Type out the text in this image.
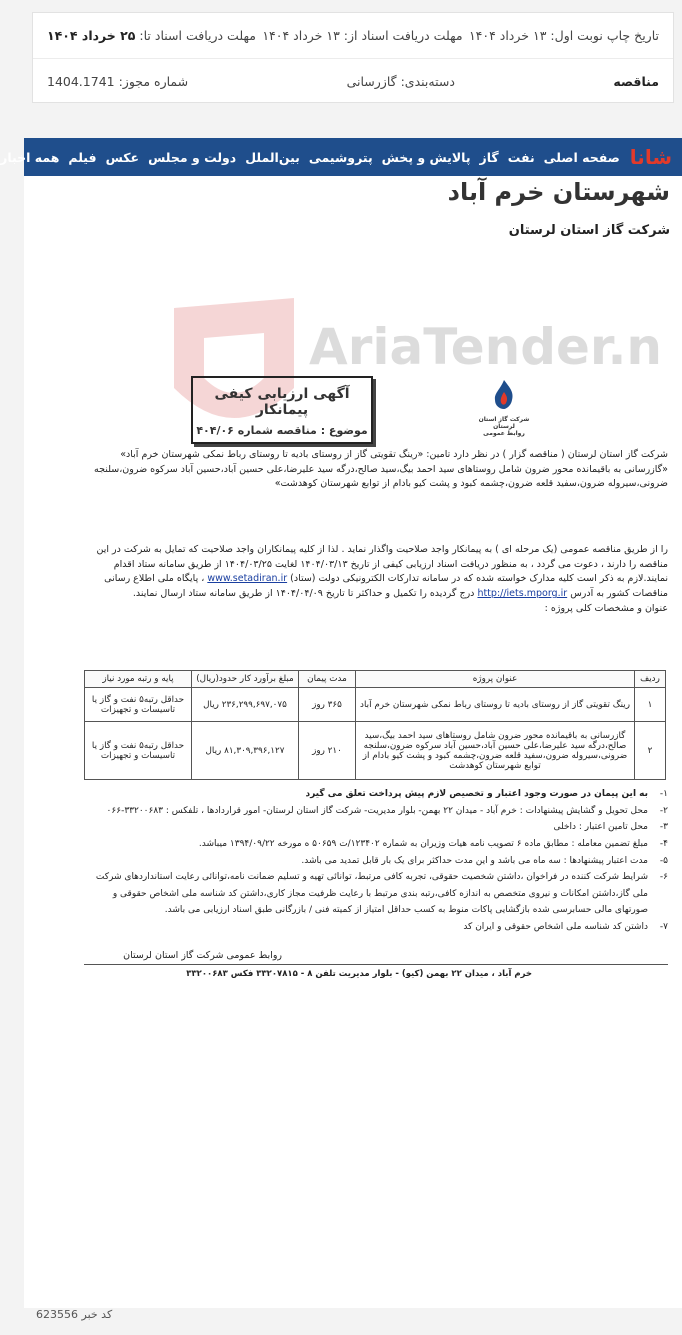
تاریخ چاپ نوبت اول: ۱۳ خرداد ۱۴۰۴
مهلت دریافت اسناد از: ۱۳ خرداد ۱۴۰۴
مهلت دریافت اسناد تا: ۲۵ خرداد ۱۴۰۴
مناقصه
دسته‌بندی: گازرسانی
شماره مجوز: 1404.1741
شانا
صفحه اصلی
نفت
گاز
پالایش و پخش
پتروشیمی
بین‌الملل
دولت و مجلس
عکس
فیلم
همه اخبار
شهرستان خرم آباد
شرکت گاز استان لرستان
AriaTender.n
آگهی ارزیابی کیفی پیمانکار
موضوع : مناقصه شماره ۴۰۴/۰۶
شرکت گاز استان لرستان
روابط عمومی
شرکت گاز استان لرستان ( مناقصه گزار ) در نظر دارد تامین: «رینگ تقویتی گاز از روستای بادیه تا روستای رباط نمکی شهرستان خرم آباد» «گازرسانی به باقیمانده محور ضرون شامل روستاهای سید احمد بیگ،سید صالح،درگه سید علیرضا،علی حسین آباد،حسین آباد سرکوه ضرون،سلنجه ضرونی،سیروله ضرون،سفید قلعه ضرون،چشمه کبود و پشت کیو بادام از توابع شهرستان کوهدشت»
را از طریق مناقصه عمومی (یک مرحله ای ) به پیمانکار واجد صلاحیت واگذار نماید . لذا از کلیه پیمانکاران واجد صلاحیت که تمایل به شرکت در این مناقصه را دارند ، دعوت می گردد ، به منظور دریافت اسناد ارزیابی کیفی از تاریخ ۱۴۰۴/۰۳/۱۳ لغایت ۱۴۰۴/۰۳/۲۵ از طریق سامانه ستاد اقدام نمایند.لازم به ذکر است کلیه مدارک خواسته شده که در سامانه تدارکات الکترونیکی دولت (ستاد) www.setadiran.ir ، پایگاه ملی اطلاع رسانی مناقصات کشور به آدرس http://iets.mporg.ir درج گردیده را تکمیل و حداکثر تا تاریخ ۱۴۰۴/۰۴/۰۹ از طریق سامانه ستاد ارسال نمایند.
عنوان و مشخصات کلی پروژه :
ردیف	عنوان پروژه	مدت پیمان	مبلغ برآورد کار حدود(ریال)	پایه و رتبه مورد نیاز
۱	رینگ تقویتی گاز از روستای بادیه تا روستای رباط نمکی شهرستان خرم آباد	۳۶۵ روز	۲۳۶,۲۹۹,۶۹۷,۰۷۵ ریال	حداقل رتبه۵ نفت و گاز یا تاسیسات و تجهیزات
۲	گازرسانی به باقیمانده محور ضرون شامل روستاهای سید احمد بیگ،سید صالح،درگه سید علیرضا،علی حسین آباد،حسین آباد سرکوه ضرون،سلنجه ضرونی،سیروله ضرون،سفید قلعه ضرون،چشمه کبود و پشت کیو بادام از توابع شهرستان کوهدشت	۲۱۰ روز	۸۱,۳۰۹,۳۹۶,۱۲۷ ریال	حداقل رتبه۵ نفت و گاز یا تاسیسات و تجهیزات
۱-
به این پیمان در صورت وجود اعتبار و تخصیص لازم پیش پرداخت تعلق می گیرد
۲-
محل تحویل و گشایش پیشنهادات : خرم آباد - میدان ۲۲ بهمن- بلوار مدیریت- شرکت گاز استان لرستان- امور قراردادها ، تلفکس : ۳۳۲۰۰۶۸۳-۰۶۶
۳-
محل تامین اعتبار : داخلی
۴-
مبلغ تضمین معامله : مطابق ماده ۶ تصویب نامه هیات وزیران به شماره ۱۲۳۴۰۲/ت ۵۰۶۵۹ ه مورخه ۱۳۹۴/۰۹/۲۲ میباشد.
۵-
مدت اعتبار پیشنهادها : سه ماه می باشد و این مدت حداکثر برای یک بار قابل تمدید می باشد.
۶-
شرایط شرکت کننده در فراخوان ،داشتن شخصیت حقوقی، تجربه کافی مرتبط، توانائی تهیه و تسلیم ضمانت نامه،توانائی رعایت استانداردهای شرکت ملی گاز،داشتن امکانات و نیروی متخصص به اندازه کافی،رتبه بندی مرتبط با رعایت ظرفیت مجاز کاری،داشتن کد شناسه ملی اشخاص حقوقی و صورتهای مالی حسابرسی شده بازگشایی پاکات منوط به کسب حداقل امتیاز از کمیته فنی / بازرگانی طبق اسناد ارزیابی می باشد.
۷-
داشتن کد شناسه ملی اشخاص حقوقی و ایران کد
روابط عمومی شرکت گاز استان لرستان
خرم آباد ، میدان ۲۲ بهمن (کیو) - بلوار مدیریت تلفن ۸ - ۳۳۲۰۷۸۱۵ فکس ۳۳۲۰۰۶۸۳
کد خبر 623556
